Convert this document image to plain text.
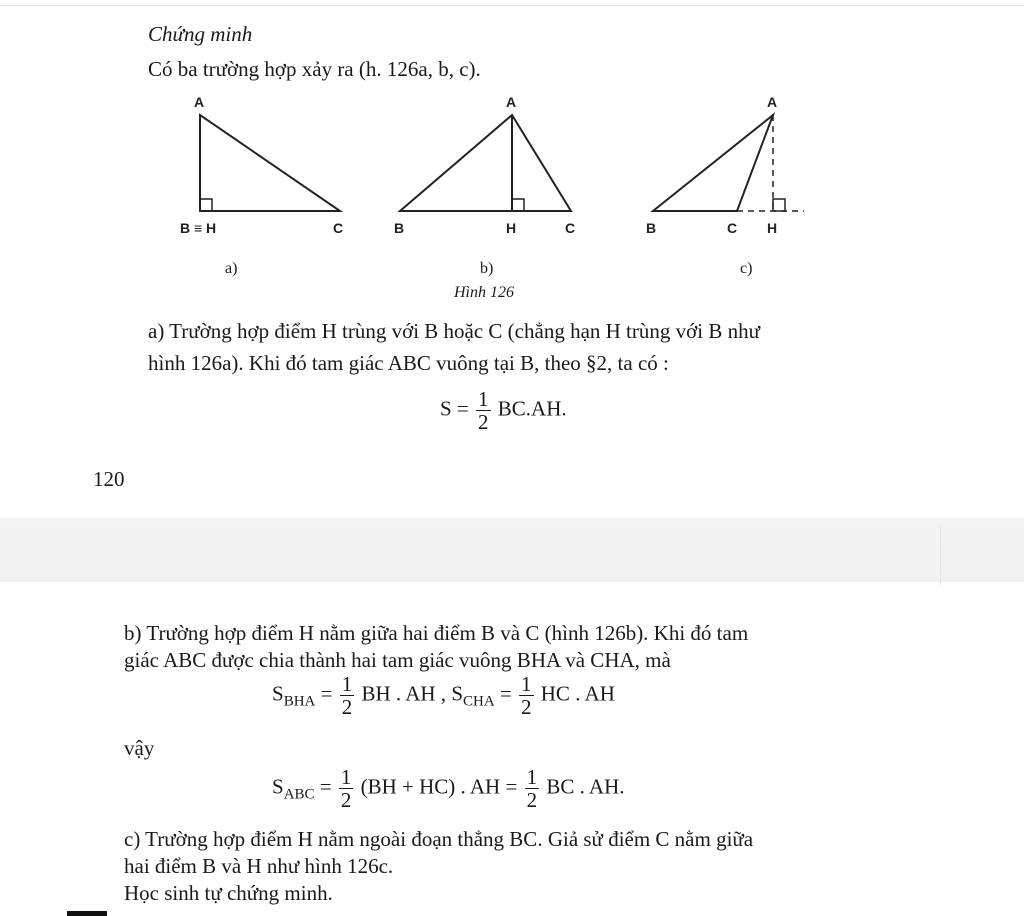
Chứng minh
Có ba trường hợp xảy ra (h. 126a, b, c).
A
B ≡ H	C
A
B	H	C
A
B	C H
a)	b)	c)
Hình 126
a) Trường hợp điểm H trùng với B hoặc C (chẳng hạn H trùng với B như
hình 126a). Khi đó tam giác ABC vuông tại B, theo §2, ta có :
$S = \frac{1}{2} BC.AH$.
120
b) Trường hợp điểm H nằm giữa hai điểm B và C (hình 126b). Khi đó tam
giác ABC được chia thành hai tam giác vuông BHA và CHA, mà
$S_{BHA} = \frac{1}{2}$ BH . AH , $S_{CHA} = \frac{1}{2}$ HC . AH
vậy
$S_{ABC} = \frac{1}{2} (BH + HC)$ . AH = $\frac{1}{2}$ BC . AH.
c) Trường hợp điểm H nằm ngoài đoạn thẳng BC. Giả sử điểm C nằm giữa
hai điểm B và H như hình 126c.
Học sinh tự chứng minh.
